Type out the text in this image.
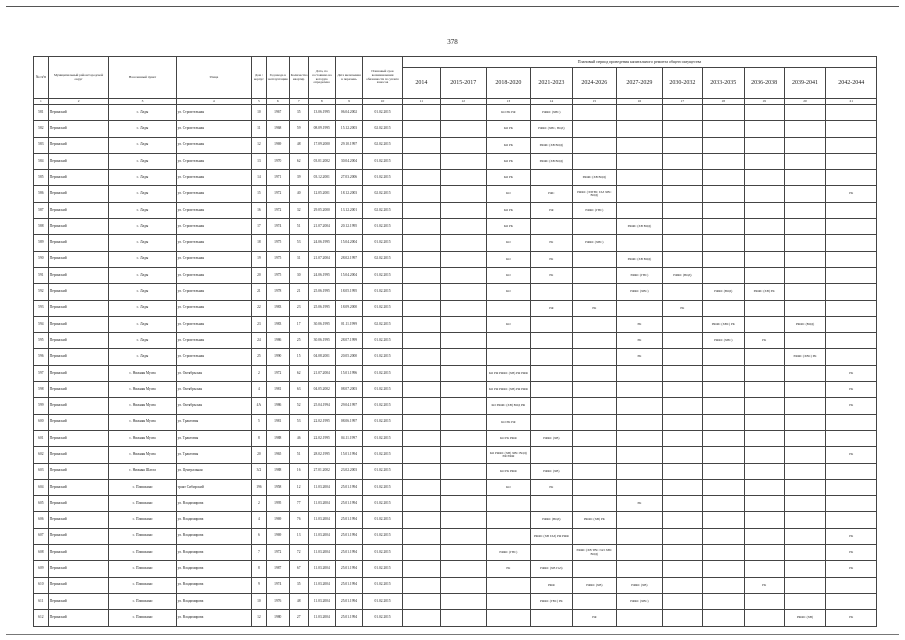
378
№ п/п	Муниципальный район/городской округ	Населенный пункт	Улица	Дом / корпус	Год ввода в эксплуатацию	Количество квартир	Дата, по состоянию на которую определено	Дата включения в перечень	Плановый срок возникновения обязанности по уплате взносов	Плановый период проведения капитального ремонта общего имущества										
										2014	2015-2017	2018-2020	2021-2023	2024-2026	2027-2029	2030-2032	2033-2035	2036-2038	2039-2041	2042-2044
1	2	3	4	5	6	7	8	9	10	11	12	13	14	15	16	17	18	19	20	21
581	Перинский	с. Лады	ул. Строительная	10	1967	35	13.06.1995	06.04.2002	01.02.2015			КО РК РФ	РФФС (ХВС)							
582	Перинский	с. Лады	ул. Строительная	11	1968	59	08.09.1995	15.12.2003	02.02.2015			КО РК	РФФС (ХВС, ВОД)							
583	Перинский	с. Лады	ул. Строительная	12	1969	48	17.09.2000	29.10.1997	02.02.2015			КО РК	РФФС (ХВ ВОД)							
584	Перинский	с. Лады	ул. Строительная	13	1970	62	03.01.2002	30.04.2004	01.02.2015			КО РК	РФФС (ХВ ВОД)							
585	Перинский	с. Лады	ул. Строительная	14	1971	39	03.12.2001	27.03.2006	01.02.2015			КО РК		РФФС (ХВ ВОД)						
586	Перинский	с. Лады	ул. Строительная	15	1972	40	12.05.2001	18.12.2003	02.02.2015			КО	РФС	РФФС (ЭЛТВС ГАЗ ХВС ВОД)						РК
587	Перинский	с. Лады	ул. Строительная	16	1972	32	29.05.2000	13.12.2001	02.02.2015			КО РК	РФ	РФФС (ГВС)						
588	Перинский	с. Лады	ул. Строительная	17	1974	51	21.07.2004	20.12.1995	01.02.2015			КО РК			РФФС (ХВ ВОД)					
589	Перинский	с. Лады	ул. Строительная	18	1975	53	24.06.1995	15.04.2004	01.02.2015			КО	РК	РФФС (ХВС)						
590	Перинский	с. Лады	ул. Строительная	19	1975	31	21.07.2004	28.02.1997	02.02.2015			КО	РК		РФФС (ХВ ВОД)					
591	Перинский	с. Лады	ул. Строительная	20	1975	30	24.06.1995	15.04.2004	01.02.2015			КО	РК		РФФС (ГВС)	РФФС (ВОД)				
592	Перинский	с. Лады	ул. Строительная	21	1978	21	25.06.1995	18.05.1995	01.02.2015			КО			РФФС (ХВС)		РФФС (ВОД)	РФФС (ХВ) РК		
593	Перинский	с. Лады	ул. Строительная	22	1983	23	25.06.1995	18.09.2000	01.02.2015				РФ	РК		РК				
594	Перинский	с. Лады	ул. Строительная	23	1983	17	30.06.1995	01.11.1999	02.02.2015			КО			РК		РФФС (ХВС) РК		РФФС (ВОД)	
595	Перинский	с. Лады	ул. Строительная	24	1986	25	30.06.1995	28.07.1999	01.02.2015						РК		РФФС (ХВС)	РК		
596	Перинский	с. Лады	ул. Строительная	25	1990	15	04.08.2001	20.05.2000	01.02.2015						РК				РФФС (ХВС) РК	
597	Перинский	с. Нижняя Мусва	ул. Октябрьская	2	1972	62	21.07.2004	15.01.1996	01.02.2015			КО РФ РФФС (ХВ) РФ РФФ								РК
598	Перинский	с. Нижняя Мусва	ул. Октябрьская	4	1981	63	04.05.2002	08.07.2003	01.02.2015			КО РФ РФФС (ХВ) РФ РФФ								РК
599	Перинский	с. Нижняя Мусва	ул. Октябрьская	4А	1986	52	25.04.1994	29.04.1997	01.02.2015			КО РФФС (ХВ) ВОД РФ								РК
600	Перинский	с. Нижняя Мусва	ул. Трактовая	5	1981	53	22.02.1995	08.06.1997	01.02.2015			КО РК РФ								
601	Перинский	с. Нижняя Мусва	ул. Трактовая	8	1988	46	22.02.1995	04.11.1997	01.02.2015			КО РК РФФ	РФФС (ХВ)							
602	Перинский	с. Нижняя Мусва	ул. Трактовая	20	1965	51	28.02.1995	15.01.1994	01.02.2015			КО РФФС (ХВ) ХВС ВОД) РФ РФФ								РК
603	Перинский	с. Нижняя Шахта	ул. Центральная	3/2	1988	16	27.01.2002	23.02.2003	01.02.2015			КО РК РФФ	РФФС (ХВ)							
604	Перинский	с. Плишкино	тракт Сибирский	196	1958	12	11.03.2004	25.01.1994	01.02.2015			КО	РК							
605	Перинский	с. Плишкино	ул. Владимирова	2	1995	77	11.03.2004	25.01.1994	01.02.2015						РК					
606	Перинский	с. Плишкино	ул. Владимирова	4	1969	76	11.03.2004	25.01.1994	01.02.2015				РФФС (ВОД)	РФФС (ХВ) РК						
607	Перинский	с. Плишкино	ул. Владимирова	6	1969	13	11.03.2004	25.01.1994	01.02.2015				РФФС (ХВ ГАЗ) РФ РФФ							РК
608	Перинский	с. Плишкино	ул. Владимирова	7	1972	72	11.03.2004	25.01.1994	01.02.2015			РФФС (ГВС)		РФФС (ХВ ТВС ГАЗ ХВС ВОД)						РК
609	Перинский	с. Плишкино	ул. Владимирова	8	1987	67	11.03.2004	25.01.1994	01.02.2015			РК	РФФС (ХВ ГАЗ)							РК
610	Перинский	с. Плишкино	ул. Владимирова	9	1974	35	11.03.2004	25.01.1994	01.02.2015				РФФ	РФФС (ХВ)	РФФС (ХВ)			РК		
611	Перинский	с. Плишкино	ул. Владимирова	10	1976	48	11.03.2004	25.01.1994	01.02.2015				РФФС (ГВС) РК		РФФС (ХВС)					
612	Перинский	с. Плишкино	ул. Владимирова	12	1980	27	11.03.2004	25.01.1994	01.02.2015					РФ					РФФС (ХВ)	РК
